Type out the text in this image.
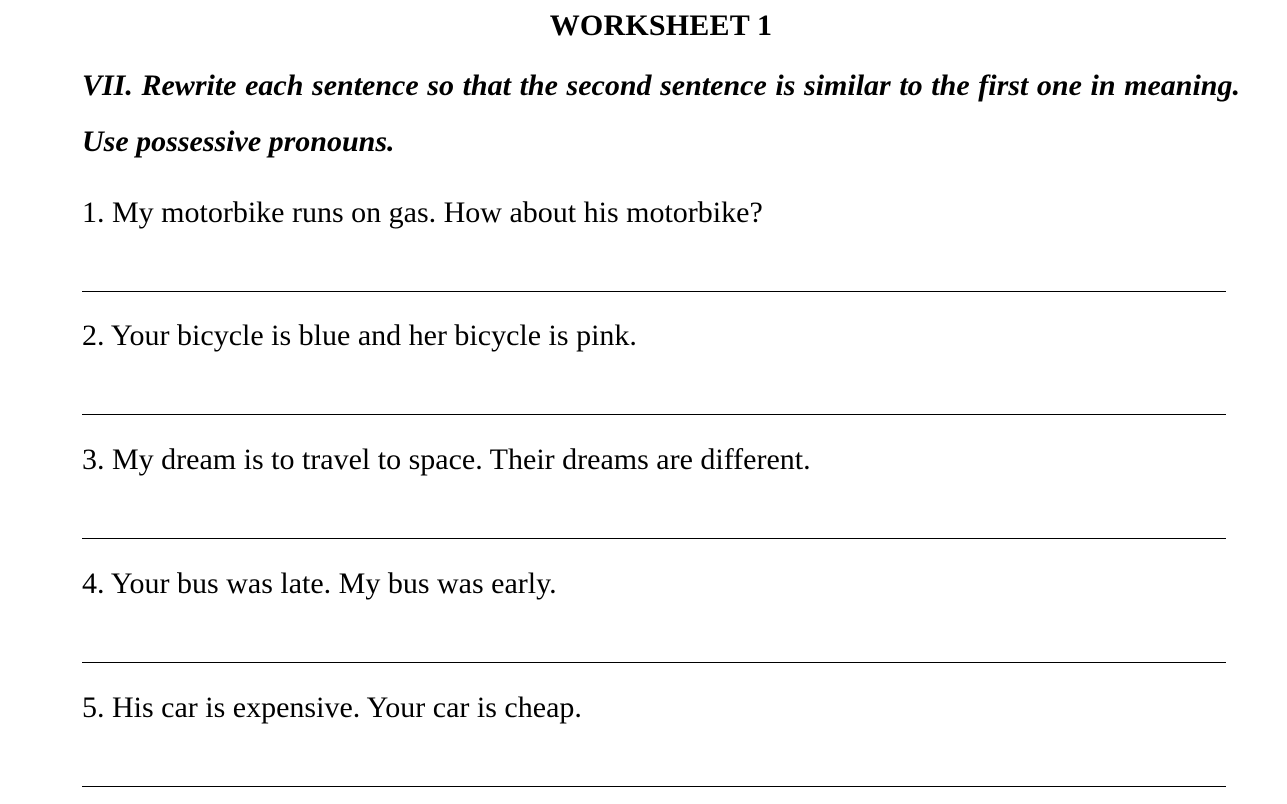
WORKSHEET 1
VII. Rewrite each sentence so that the second sentence is similar to the first one in meaning. Use possessive pronouns.
1. My motorbike runs on gas. How about his motorbike?
2. Your bicycle is blue and her bicycle is pink.
3. My dream is to travel to space. Their dreams are different.
4. Your bus was late. My bus was early.
5. His car is expensive. Your car is cheap.
